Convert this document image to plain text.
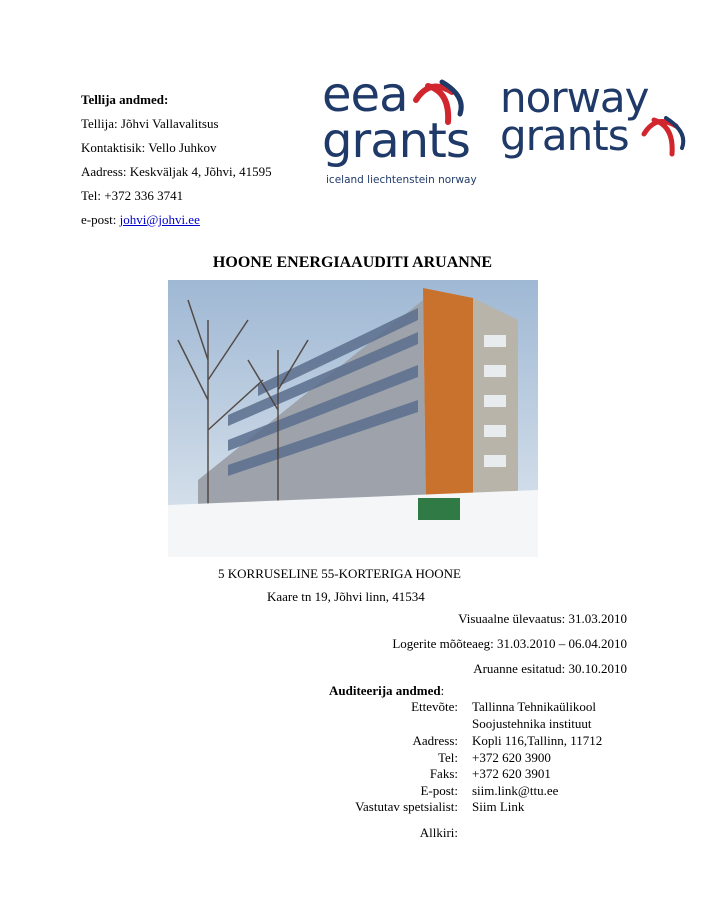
Tellija andmed:
Tellija: Jõhvi Vallavalitsus
Kontaktisik: Vello Juhkov
Aadress: Keskväljak 4, Jõhvi, 41595
Tel: +372 336 3741
e-post: johvi@johvi.ee
eea
grants
iceland liechtenstein norway
norway
grants
HOONE ENERGIAAUDITI ARUANNE
5 KORRUSELINE 55-KORTERIGA HOONE
Kaare tn 19, Jõhvi linn, 41534
Visuaalne ülevaatus: 31.03.2010
Logerite mõõteaeg: 31.03.2010 – 06.04.2010
Aruanne esitatud: 30.10.2010
Auditeerija andmed:
Ettevõte: Tallinna Tehnikaülikool
Soojustehnika instituut
Aadress: Kopli 116,Tallinn, 11712
Tel: +372 620 3900
Faks: +372 620 3901
E-post: siim.link@ttu.ee
Vastutav spetsialist: Siim Link
Allkiri:
